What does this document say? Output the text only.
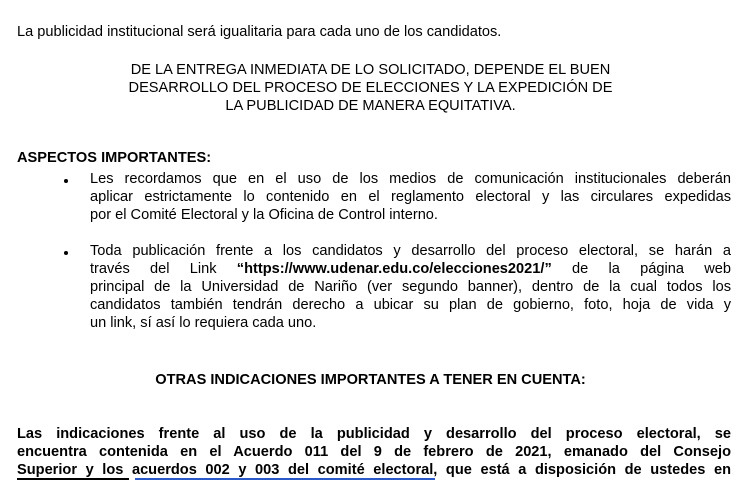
La publicidad institucional será igualitaria para cada uno de los candidatos.
DE LA ENTREGA INMEDIATA DE LO SOLICITADO, DEPENDE EL BUEN
DESARROLLO DEL PROCESO DE ELECCIONES Y LA EXPEDICIÓN DE
LA PUBLICIDAD DE MANERA EQUITATIVA.
ASPECTOS IMPORTANTES:
Les recordamos que en el uso de los medios de comunicación institucionales deberán
aplicar estrictamente lo contenido en el reglamento electoral y las circulares expedidas
por el Comité Electoral y la Oficina de Control interno.
Toda publicación frente a los candidatos y desarrollo del proceso electoral, se harán a
través del Link “https://www.udenar.edu.co/elecciones2021/” de la página web
principal de la Universidad de Nariño (ver segundo banner), dentro de la cual todos los
candidatos también tendrán derecho a ubicar su plan de gobierno, foto, hoja de vida y
un link, sí así lo requiera cada uno.
OTRAS INDICACIONES IMPORTANTES A TENER EN CUENTA:
Las indicaciones frente al uso de la publicidad y desarrollo del proceso electoral, se
encuentra contenida en el Acuerdo 011 del 9 de febrero de 2021, emanado del Consejo
Superior y los acuerdos 002 y 003 del comité electoral, que está a disposición de ustedes en
